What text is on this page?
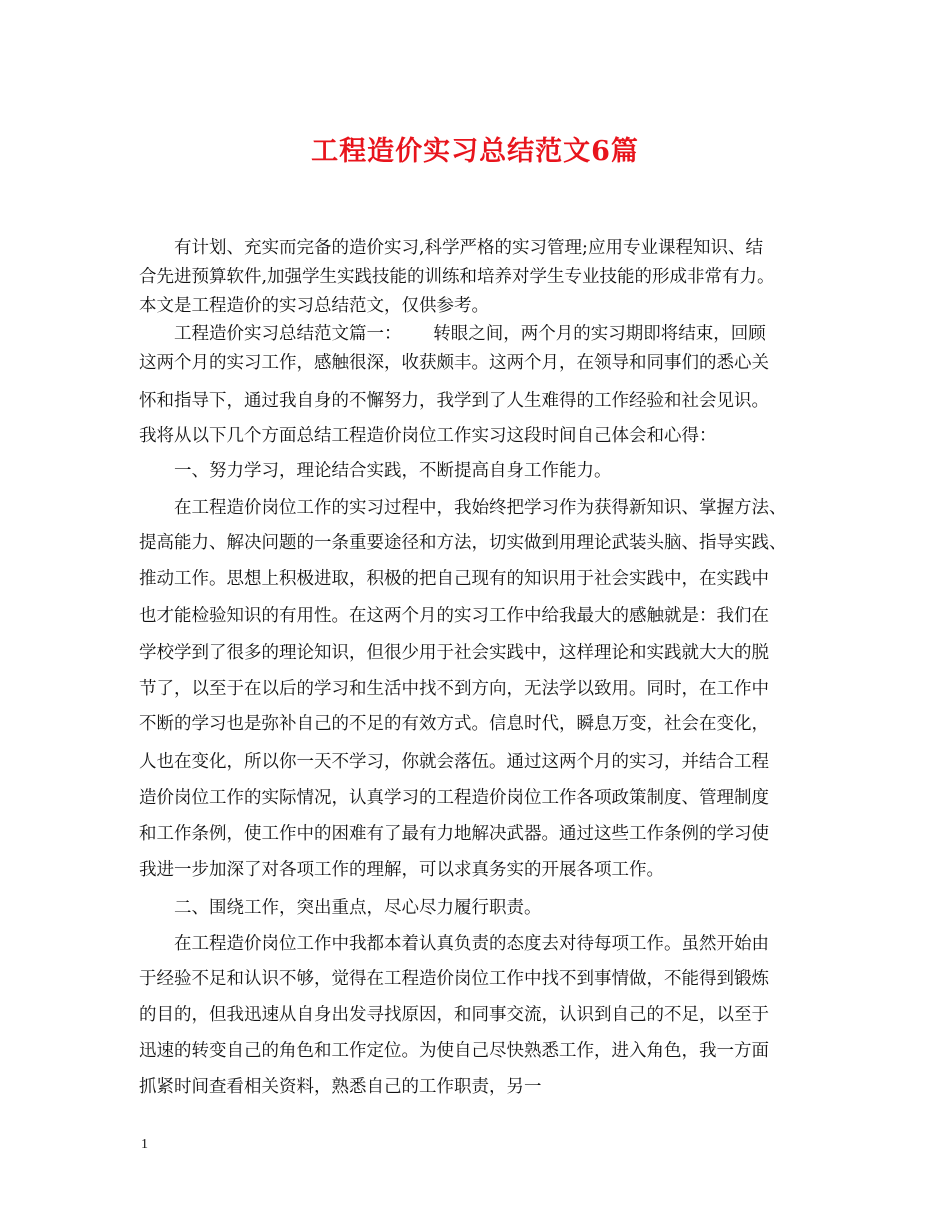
工程造价实习总结范文6篇
　　有计划、充实而完备的造价实习,科学严格的实习管理;应用专业课程知识、结
合先进预算软件,加强学生实践技能的训练和培养对学生专业技能的形成非常有力。
本文是工程造价的实习总结范文，仅供参考。
　　工程造价实习总结范文篇一：　　 转眼之间，两个月的实习期即将结束，回顾
这两个月的实习工作，感触很深，收获颇丰。这两个月，在领导和同事们的悉心关
怀和指导下，通过我自身的不懈努力，我学到了人生难得的工作经验和社会见识。
我将从以下几个方面总结工程造价岗位工作实习这段时间自己体会和心得：
　　一、努力学习，理论结合实践，不断提高自身工作能力。
　　在工程造价岗位工作的实习过程中，我始终把学习作为获得新知识、掌握方法、
提高能力、解决问题的一条重要途径和方法，切实做到用理论武装头脑、指导实践、
推动工作。思想上积极进取，积极的把自己现有的知识用于社会实践中，在实践中
也才能检验知识的有用性。在这两个月的实习工作中给我最大的感触就是：我们在
学校学到了很多的理论知识，但很少用于社会实践中，这样理论和实践就大大的脱
节了，以至于在以后的学习和生活中找不到方向，无法学以致用。同时，在工作中
不断的学习也是弥补自己的不足的有效方式。信息时代，瞬息万变，社会在变化，
人也在变化，所以你一天不学习，你就会落伍。通过这两个月的实习，并结合工程
造价岗位工作的实际情况，认真学习的工程造价岗位工作各项政策制度、管理制度
和工作条例，使工作中的困难有了最有力地解决武器。通过这些工作条例的学习使
我进一步加深了对各项工作的理解，可以求真务实的开展各项工作。
　　二、围绕工作，突出重点，尽心尽力履行职责。
　　在工程造价岗位工作中我都本着认真负责的态度去对待每项工作。虽然开始由
于经验不足和认识不够，觉得在工程造价岗位工作中找不到事情做，不能得到锻炼
的目的，但我迅速从自身出发寻找原因，和同事交流，认识到自己的不足，以至于
迅速的转变自己的角色和工作定位。为使自己尽快熟悉工作，进入角色，我一方面
抓紧时间查看相关资料，熟悉自己的工作职责，另一
1
